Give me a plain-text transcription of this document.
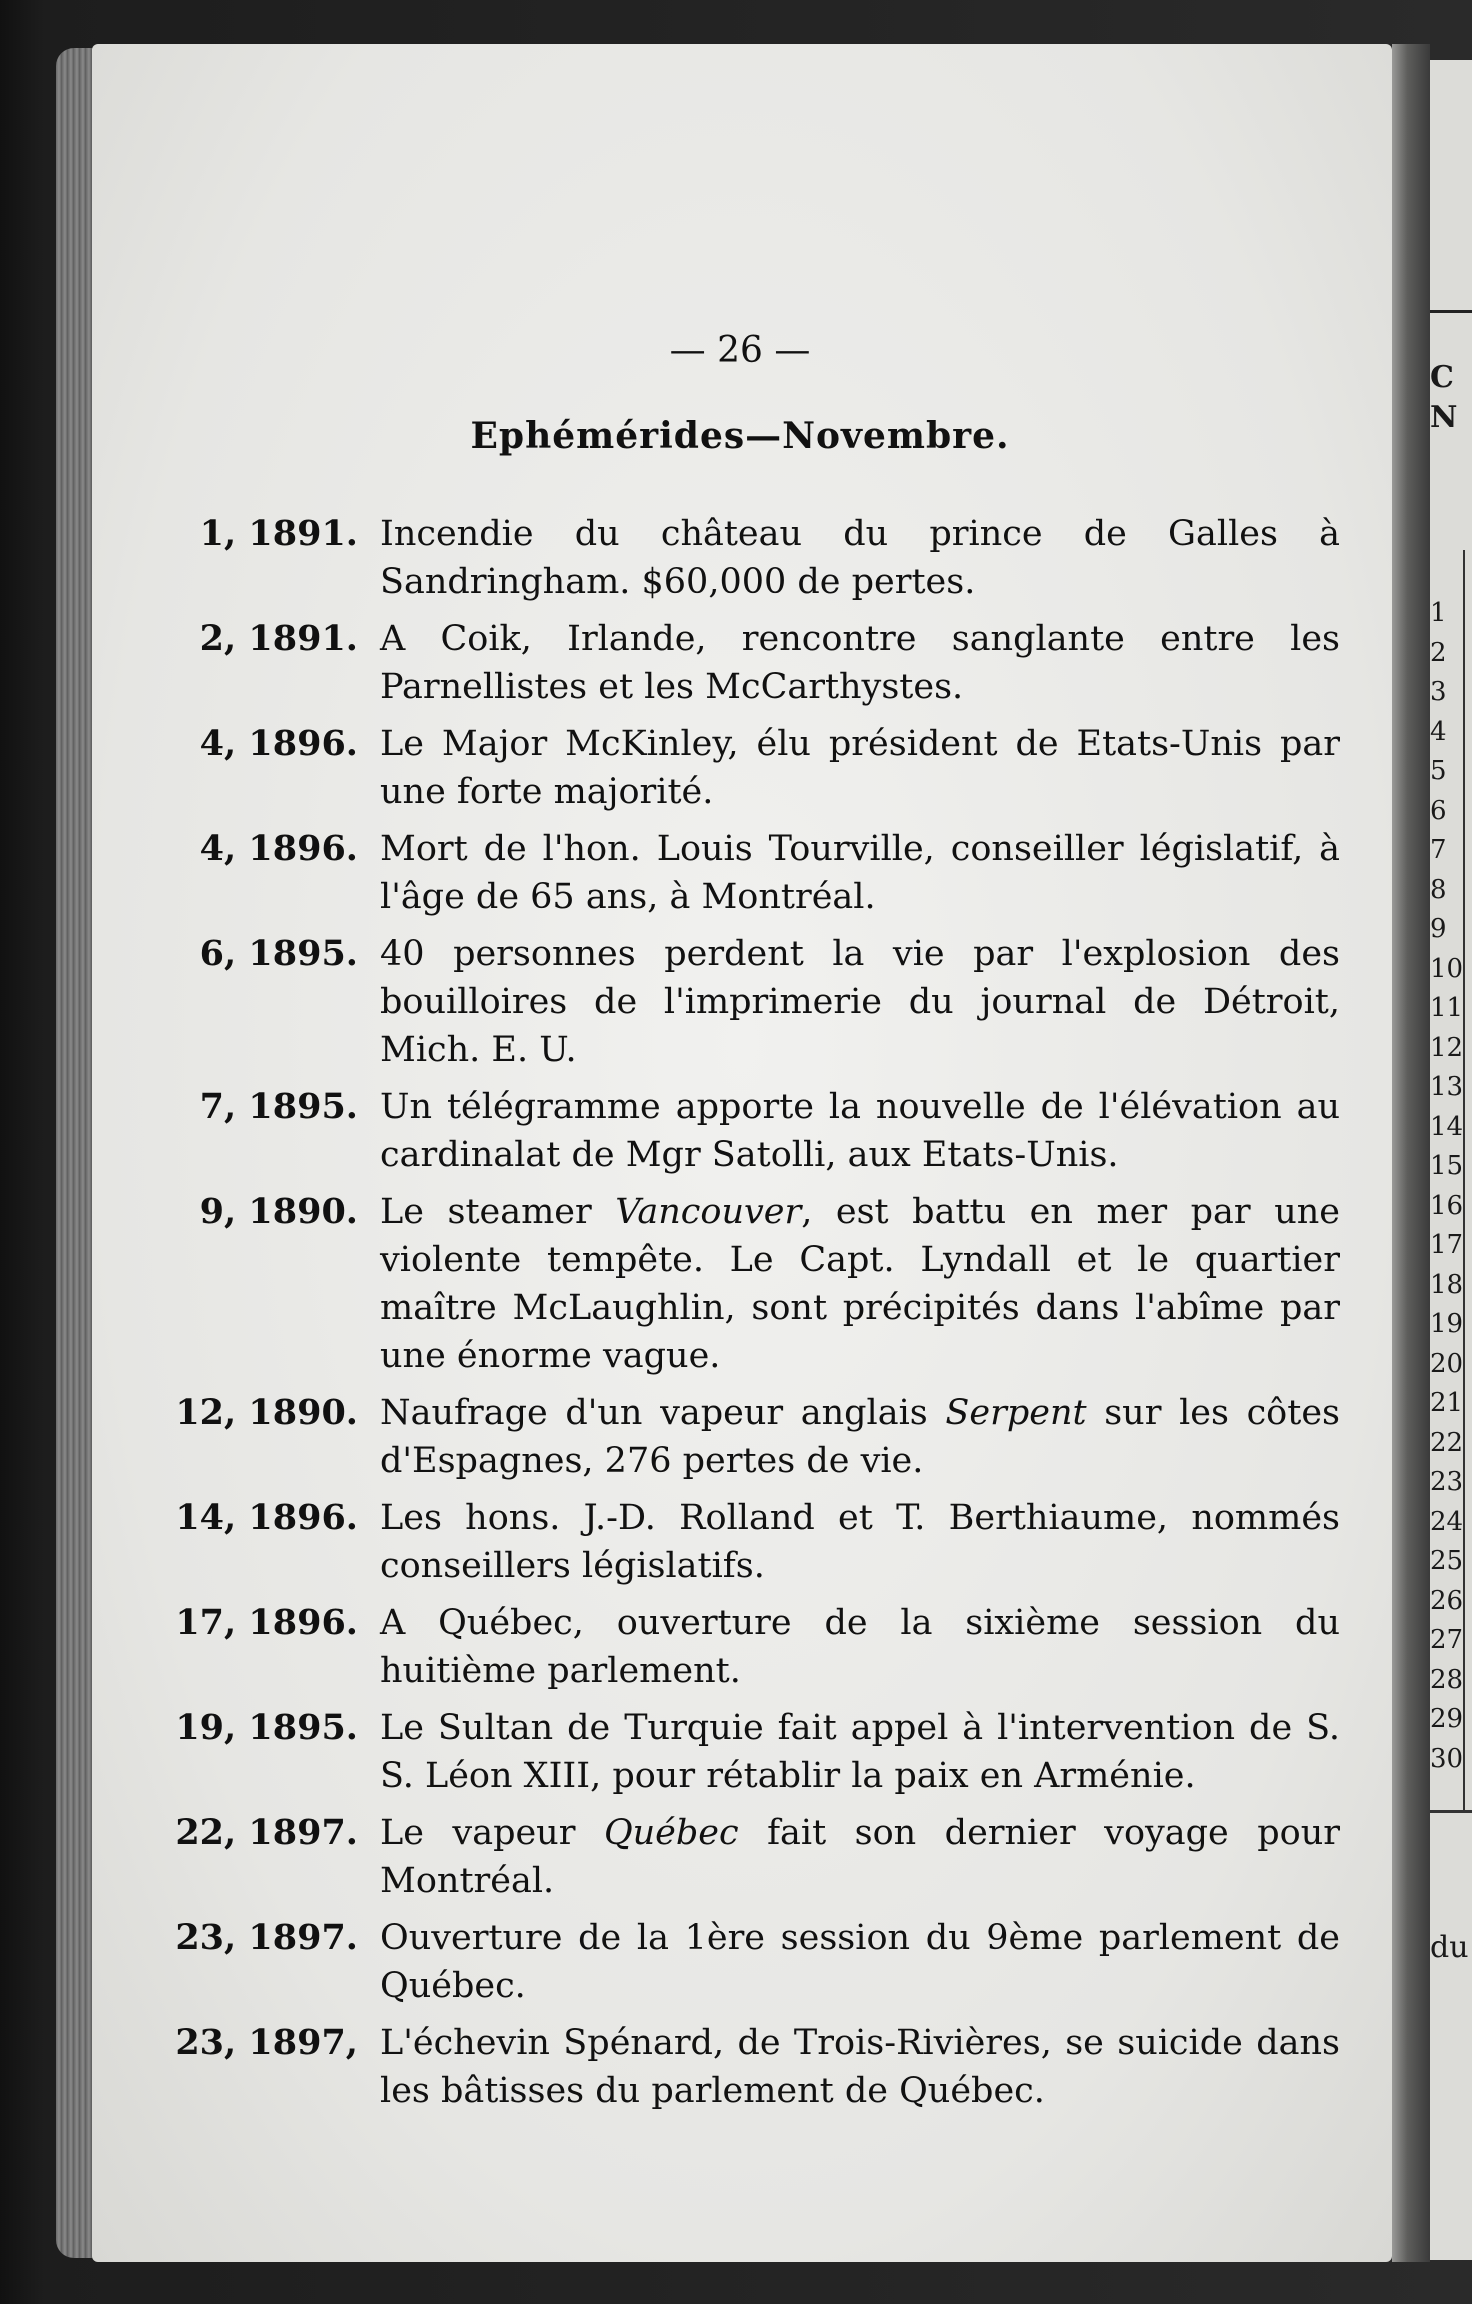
— 26 —
Ephémérides—Novembre.
1, 1891. Incendie du château du prince de Galles à Sandringham. $60,000 de pertes.
2, 1891. A Coik, Irlande, rencontre sanglante entre les Parnellistes et les McCarthystes.
4, 1896. Le Major McKinley, élu président de Etats-Unis par une forte majorité.
4, 1896. Mort de l'hon. Louis Tourville, conseiller législatif, à l'âge de 65 ans, à Montréal.
6, 1895. 40 personnes perdent la vie par l'explosion des bouilloires de l'imprimerie du journal de Détroit, Mich. E. U.
7, 1895. Un télégramme apporte la nouvelle de l'élévation au cardinalat de Mgr Satolli, aux Etats-Unis.
9, 1890. Le steamer Vancouver, est battu en mer par une violente tempête. Le Capt. Lyndall et le quartier maître McLaughlin, sont précipités dans l'abîme par une énorme vague.
12, 1890. Naufrage d'un vapeur anglais Serpent sur les côtes d'Espagnes, 276 pertes de vie.
14, 1896. Les hons. J.-D. Rolland et T. Berthiaume, nommés conseillers législatifs.
17, 1896. A Québec, ouverture de la sixième session du huitième parlement.
19, 1895. Le Sultan de Turquie fait appel à l'intervention de S. S. Léon XIII, pour rétablir la paix en Arménie.
22, 1897. Le vapeur Québec fait son dernier voyage pour Montréal.
23, 1897. Ouverture de la 1ère session du 9ème parlement de Québec.
23, 1897, L'échevin Spénard, de Trois-Rivières, se suicide dans les bâtisses du parlement de Québec.
1
2
3
4
5
6
7
8
9
10
11
12
13
14
15
16
17
18
19
20
21
22
23
24
25
26
27
28
29
30
C
N
du
